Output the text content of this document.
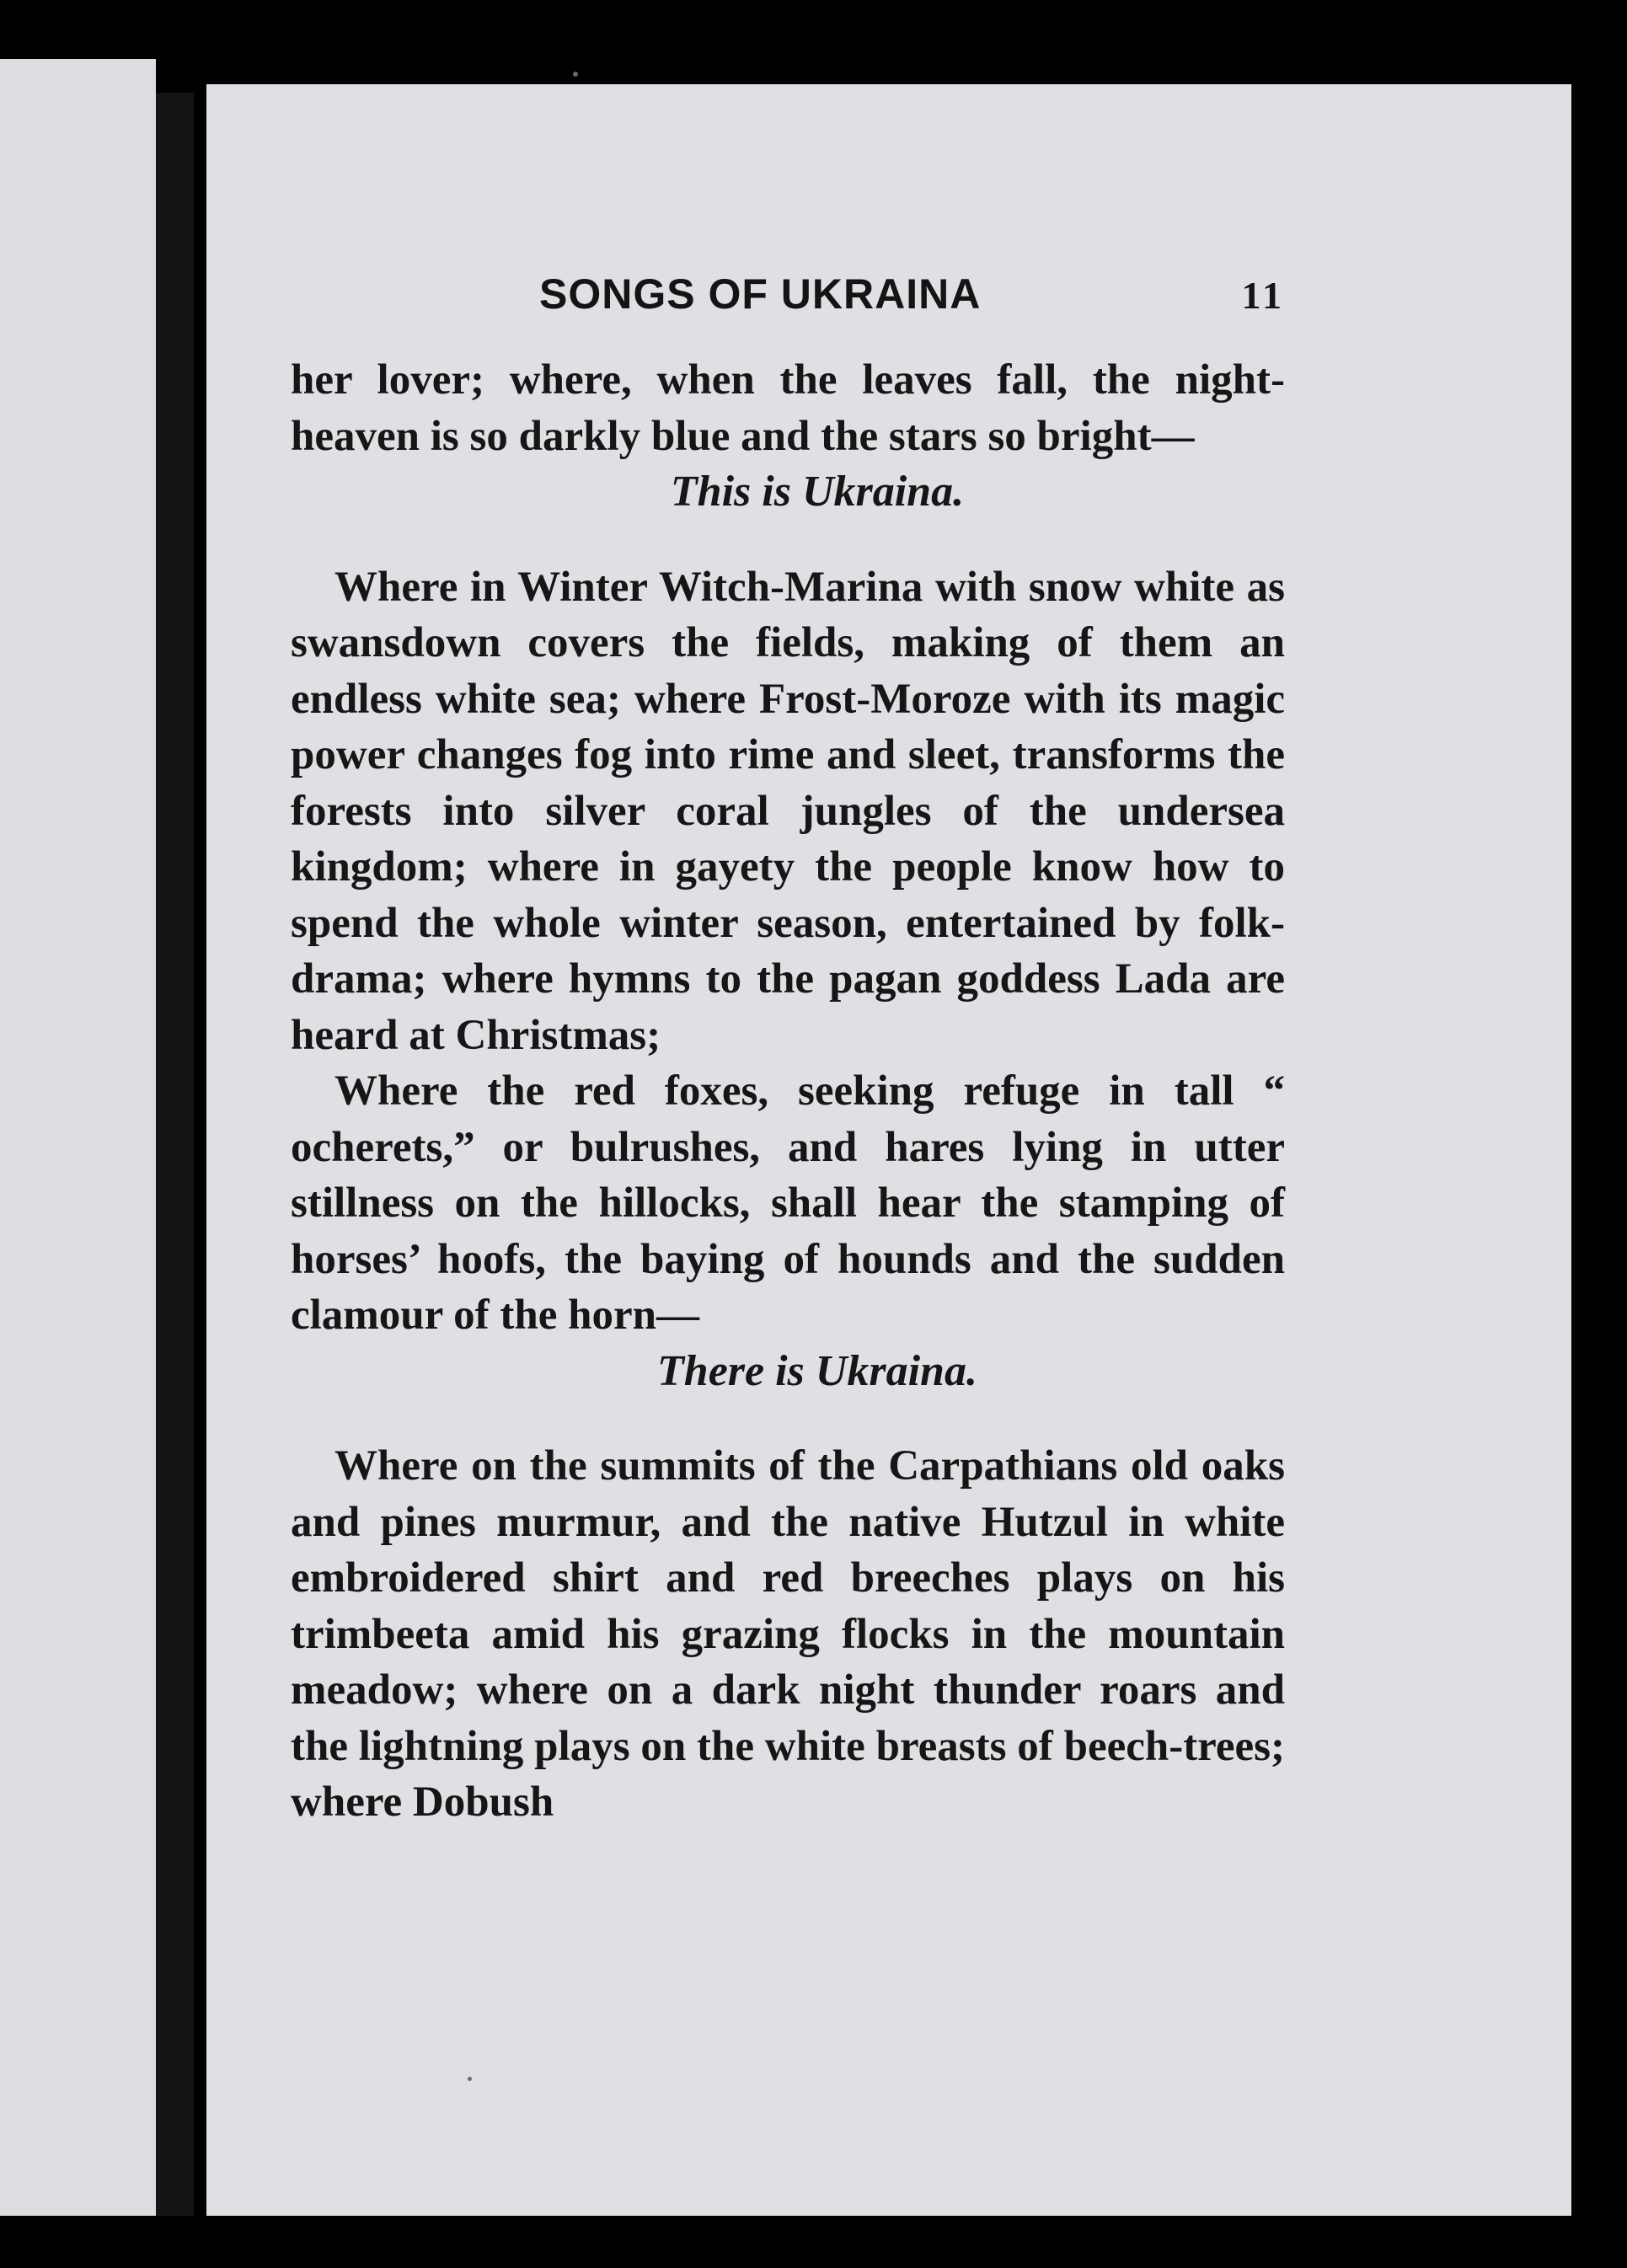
SONGS OF UKRAINA	11

her lover; where, when the leaves fall, the night-heaven is so darkly blue and the stars so bright—

This is Ukraina.

Where in Winter Witch-Marina with snow white as swansdown covers the fields, making of them an endless white sea; where Frost-Moroze with its magic power changes fog into rime and sleet, transforms the forests into silver coral jungles of the undersea kingdom; where in gayety the people know how to spend the whole winter season, entertained by folk-drama; where hymns to the pagan goddess Lada are heard at Christmas;

Where the red foxes, seeking refuge in tall “ ocherets,” or bulrushes, and hares lying in utter stillness on the hillocks, shall hear the stamping of horses’ hoofs, the baying of hounds and the sudden clamour of the horn—

There is Ukraina.

Where on the summits of the Carpathians old oaks and pines murmur, and the native Hutzul in white embroidered shirt and red breeches plays on his trimbeeta amid his grazing flocks in the mountain meadow; where on a dark night thunder roars and the lightning plays on the white breasts of beech-trees; where Dobush
